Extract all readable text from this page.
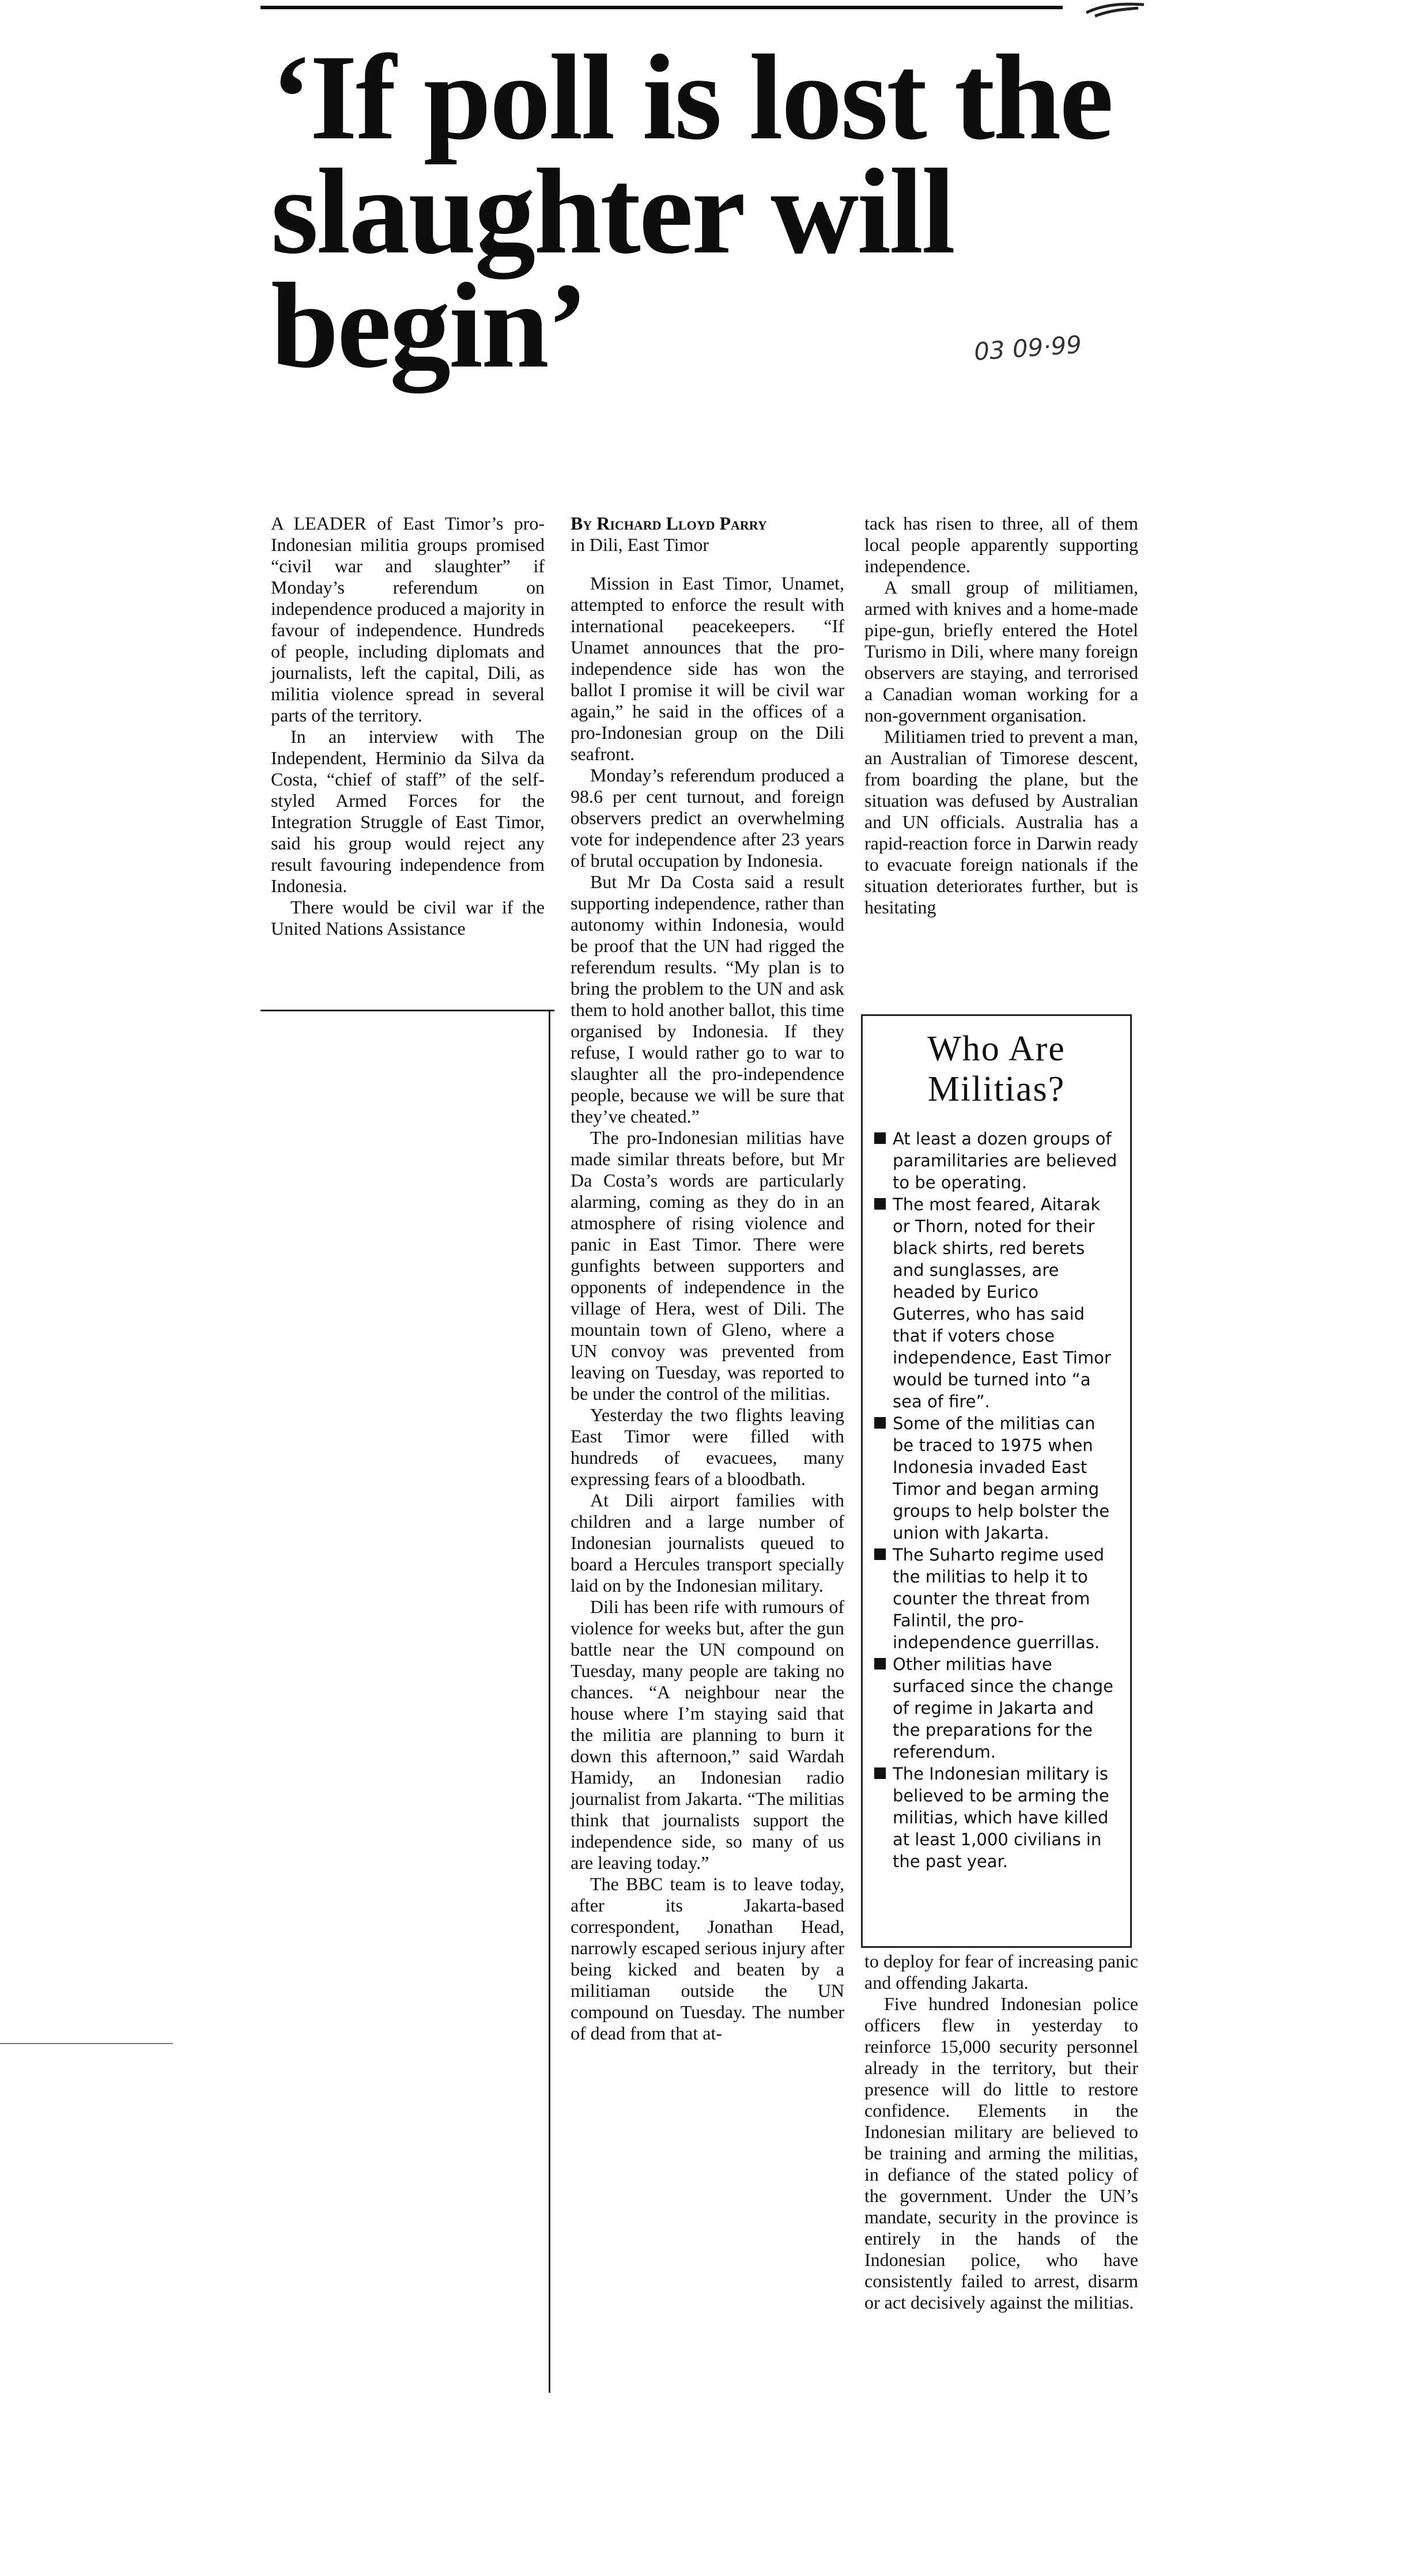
‘If poll is lost the slaughter will begin’	03 09·99

A LEADER of East Timor’s pro-Indonesian militia groups promised “civil war and slaughter” if Monday’s referendum on independence produced a majority in favour of independence. Hundreds of people, including diplomats and journalists, left the capital, Dili, as militia violence spread in several parts of the territory.

In an interview with The Independent, Herminio da Silva da Costa, “chief of staff” of the self-styled Armed Forces for the Integration Struggle of East Timor, said his group would reject any result favouring independence from Indonesia.

There would be civil war if the United Nations Assistance

By Richard Lloyd Parry
in Dili, East Timor

Mission in East Timor, Unamet, attempted to enforce the result with international peacekeepers. “If Unamet announces that the pro-independence side has won the ballot I promise it will be civil war again,” he said in the offices of a pro-Indonesian group on the Dili seafront.

Monday’s referendum produced a 98.6 per cent turnout, and foreign observers predict an overwhelming vote for independence after 23 years of brutal occupation by Indonesia.

But Mr Da Costa said a result supporting independence, rather than autonomy within Indonesia, would be proof that the UN had rigged the referendum results. “My plan is to bring the problem to the UN and ask them to hold another ballot, this time organised by Indonesia. If they refuse, I would rather go to war to slaughter all the pro-independence people, because we will be sure that they’ve cheated.”

The pro-Indonesian militias have made similar threats before, but Mr Da Costa’s words are particularly alarming, coming as they do in an atmosphere of rising violence and panic in East Timor. There were gunfights between supporters and opponents of independence in the village of Hera, west of Dili. The mountain town of Gleno, where a UN convoy was prevented from leaving on Tuesday, was reported to be under the control of the militias.

Yesterday the two flights leaving East Timor were filled with hundreds of evacuees, many expressing fears of a bloodbath.

At Dili airport families with children and a large number of Indonesian journalists queued to board a Hercules transport specially laid on by the Indonesian military.

Dili has been rife with rumours of violence for weeks but, after the gun battle near the UN compound on Tuesday, many people are taking no chances. “A neighbour near the house where I’m staying said that the militia are planning to burn it down this afternoon,” said Wardah Hamidy, an Indonesian radio journalist from Jakarta. “The militias think that journalists support the independence side, so many of us are leaving today.”

The BBC team is to leave today, after its Jakarta-based correspondent, Jonathan Head, narrowly escaped serious injury after being kicked and beaten by a militiaman outside the UN compound on Tuesday. The number of dead from that at-

tack has risen to three, all of them local people apparently supporting independence.

A small group of militiamen, armed with knives and a home-made pipe-gun, briefly entered the Hotel Turismo in Dili, where many foreign observers are staying, and terrorised a Canadian woman working for a non-government organisation.

Militiamen tried to prevent a man, an Australian of Timorese descent, from boarding the plane, but the situation was defused by Australian and UN officials. Australia has a rapid-reaction force in Darwin ready to evacuate foreign nationals if the situation deteriorates further, but is hesitating

Who Are
Militias?
At least a dozen groups of paramilitaries are believed to be operating.
The most feared, Aitarak or Thorn, noted for their black shirts, red berets and sunglasses, are headed by Eurico Guterres, who has said that if voters chose independence, East Timor would be turned into “a sea of fire”.
Some of the militias can be traced to 1975 when Indonesia invaded East Timor and began arming groups to help bolster the union with Jakarta.
The Suharto regime used the militias to help it to counter the threat from Falintil, the pro-independence guerrillas.
Other militias have surfaced since the change of regime in Jakarta and the preparations for the referendum.
The Indonesian military is believed to be arming the militias, which have killed at least 1,000 civilians in the past year.

to deploy for fear of increasing panic and offending Jakarta.

Five hundred Indonesian police officers flew in yesterday to reinforce 15,000 security personnel already in the territory, but their presence will do little to restore confidence. Elements in the Indonesian military are believed to be training and arming the militias, in defiance of the stated policy of the government. Under the UN’s mandate, security in the province is entirely in the hands of the Indonesian police, who have consistently failed to arrest, disarm or act decisively against the militias.
